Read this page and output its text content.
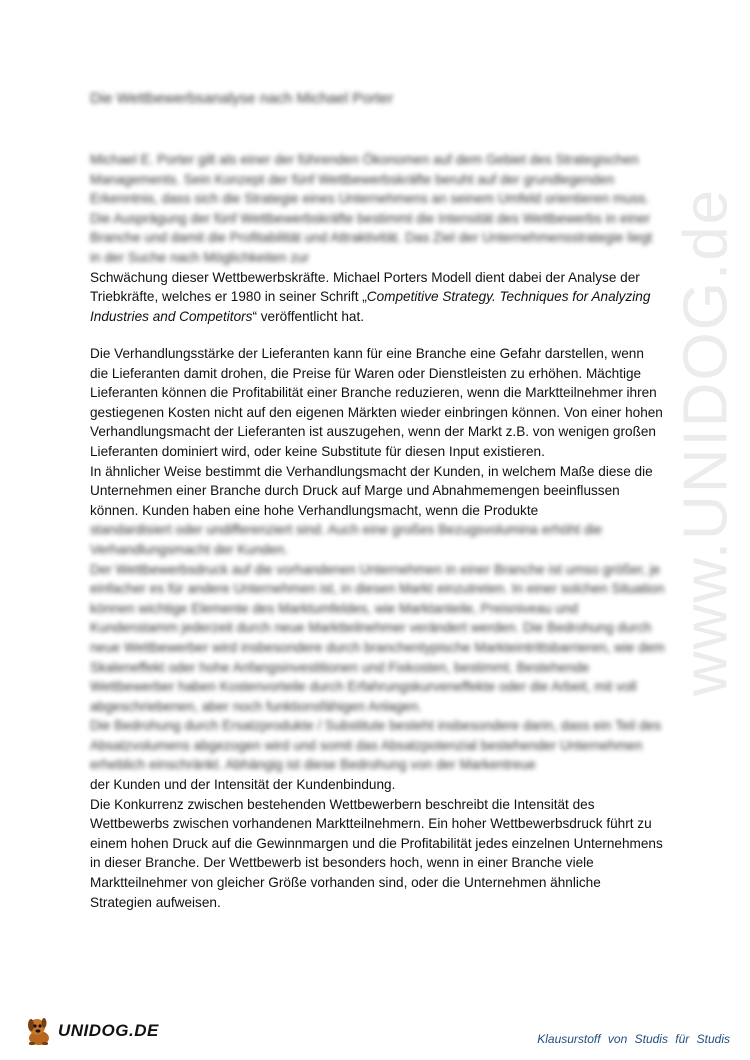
www.UNIDOG.de
Die Wettbewerbsanalyse nach Michael Porter

Michael E. Porter gilt als einer der führenden Ökonomen auf dem Gebiet des Strategischen Managements. Sein Konzept der fünf Wettbewerbskräfte beruht auf der grundlegenden Erkenntnis, dass sich die Strategie eines Unternehmens an seinem Umfeld orientieren muss. Die Ausprägung der fünf Wettbewerbskräfte bestimmt die Intensität des Wettbewerbs in einer Branche und damit die Profitabilität und Attraktivität. Das Ziel der Unternehmensstrategie liegt in der Suche nach Möglichkeiten zur

Schwächung dieser Wettbewerbskräfte. Michael Porters Modell dient dabei der Analyse der Triebkräfte, welches er 1980 in seiner Schrift „Competitive Strategy. Techniques for Analyzing Industries and Competitors“ veröffentlicht hat.

Die Verhandlungsstärke der Lieferanten kann für eine Branche eine Gefahr darstellen, wenn die Lieferanten damit drohen, die Preise für Waren oder Dienstleisten zu erhöhen. Mächtige Lieferanten können die Profitabilität einer Branche reduzieren, wenn die Marktteilnehmer ihren gestiegenen Kosten nicht auf den eigenen Märkten wieder einbringen können. Von einer hohen Verhandlungsmacht der Lieferanten ist auszugehen, wenn der Markt z.B. von wenigen großen Lieferanten dominiert wird, oder keine Substitute für diesen Input existieren.

In ähnlicher Weise bestimmt die Verhandlungsmacht der Kunden, in welchem Maße diese die Unternehmen einer Branche durch Druck auf Marge und Abnahmemengen beeinflussen können. Kunden haben eine hohe Verhandlungsmacht, wenn die Produkte

standardisiert oder undifferenziert sind. Auch eine großes Bezugsvolumina erhöht die Verhandlungsmacht der Kunden.

Der Wettbewerbsdruck auf die vorhandenen Unternehmen in einer Branche ist umso größer, je einfacher es für andere Unternehmen ist, in diesen Markt einzutreten. In einer solchen Situation können wichtige Elemente des Marktumfeldes, wie Marktanteile, Preisniveau und Kundenstamm jederzeit durch neue Marktteilnehmer verändert werden. Die Bedrohung durch neue Wettbewerber wird insbesondere durch branchentypische Markteintrittsbarrieren, wie dem Skaleneffekt oder hohe Anfangsinvestitionen und Fixkosten, bestimmt. Bestehende Wettbewerber haben Kostenvorteile durch Erfahrungskurveneffekte oder die Arbeit, mit voll abgeschriebenen, aber noch funktionsfähigen Anlagen.

Die Bedrohung durch Ersatzprodukte / Substitute besteht insbesondere darin, dass ein Teil des Absatzvolumens abgezogen wird und somit das Absatzpotenzial bestehender Unternehmen erheblich einschränkt. Abhängig ist diese Bedrohung von der Markentreue

der Kunden und der Intensität der Kundenbindung.

Die Konkurrenz zwischen bestehenden Wettbewerbern beschreibt die Intensität des Wettbewerbs zwischen vorhandenen Marktteilnehmern. Ein hoher Wettbewerbsdruck führt zu einem hohen Druck auf die Gewinnmargen und die Profitabilität jedes einzelnen Unternehmens in dieser Branche. Der Wettbewerb ist besonders hoch, wenn in einer Branche viele Marktteilnehmer von gleicher Größe vorhanden sind, oder die Unternehmen ähnliche Strategien aufweisen.

UNIDOG.DE	Klausurstoff von Studis für Studis
